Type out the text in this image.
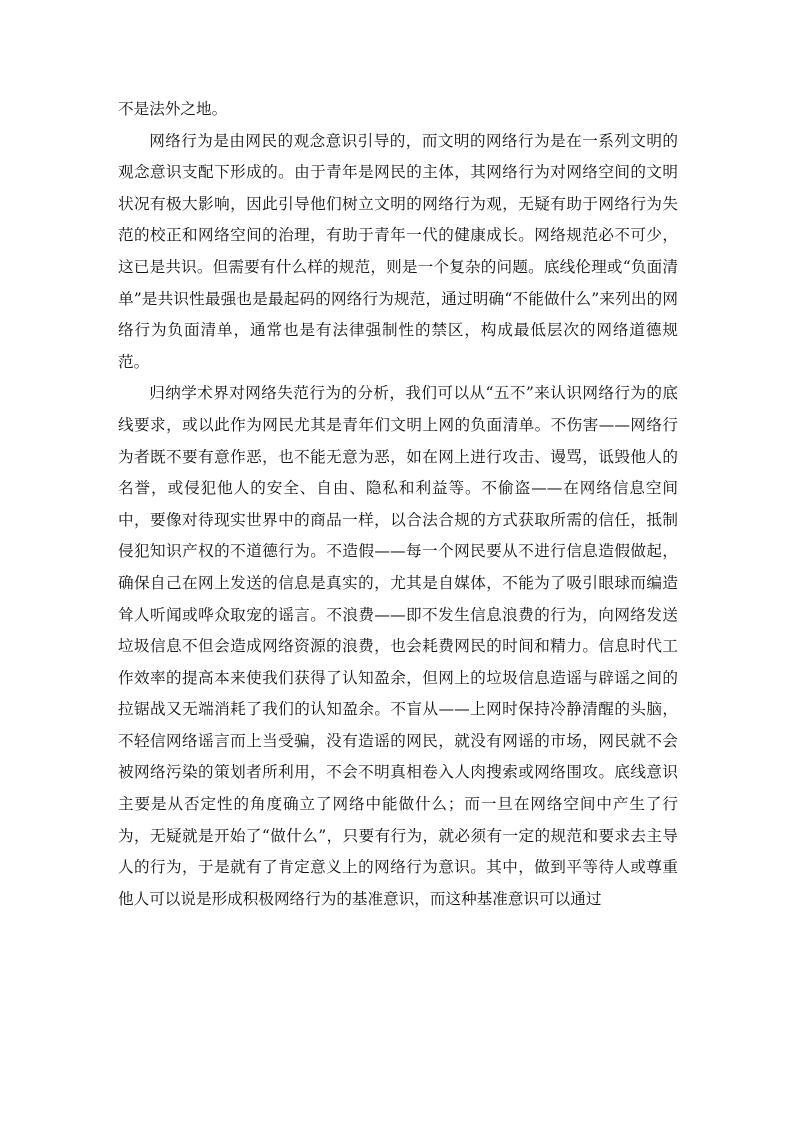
不是法外之地。

网络行为是由网民的观念意识引导的，而文明的网络行为是在一系列文明的观念意识支配下形成的。由于青年是网民的主体，其网络行为对网络空间的文明状况有极大影响，因此引导他们树立文明的网络行为观，无疑有助于网络行为失范的校正和网络空间的治理，有助于青年一代的健康成长。网络规范必不可少，这已是共识。但需要有什么样的规范，则是一个复杂的问题。底线伦理或“负面清单”是共识性最强也是最起码的网络行为规范，通过明确“不能做什么”来列出的网络行为负面清单，通常也是有法律强制性的禁区，构成最低层次的网络道德规范。

归纳学术界对网络失范行为的分析，我们可以从“五不”来认识网络行为的底线要求，或以此作为网民尤其是青年们文明上网的负面清单。不伤害——网络行为者既不要有意作恶，也不能无意为恶，如在网上进行攻击、谩骂，诋毁他人的名誉，或侵犯他人的安全、自由、隐私和利益等。不偷盗——在网络信息空间中，要像对待现实世界中的商品一样，以合法合规的方式获取所需的信任，抵制侵犯知识产权的不道德行为。不造假——每一个网民要从不进行信息造假做起，确保自己在网上发送的信息是真实的，尤其是自媒体，不能为了吸引眼球而编造耸人听闻或哗众取宠的谣言。不浪费——即不发生信息浪费的行为，向网络发送垃圾信息不但会造成网络资源的浪费，也会耗费网民的时间和精力。信息时代工作效率的提高本来使我们获得了认知盈余，但网上的垃圾信息造谣与辟谣之间的拉锯战又无端消耗了我们的认知盈余。不盲从——上网时保持冷静清醒的头脑，不轻信网络谣言而上当受骗，没有造谣的网民，就没有网谣的市场，网民就不会被网络污染的策划者所利用，不会不明真相卷入人肉搜索或网络围攻。底线意识主要是从否定性的角度确立了网络中能做什么；而一旦在网络空间中产生了行为，无疑就是开始了“做什么”，只要有行为，就必须有一定的规范和要求去主导人的行为，于是就有了肯定意义上的网络行为意识。其中，做到平等待人或尊重他人可以说是形成积极网络行为的基准意识，而这种基准意识可以通过
